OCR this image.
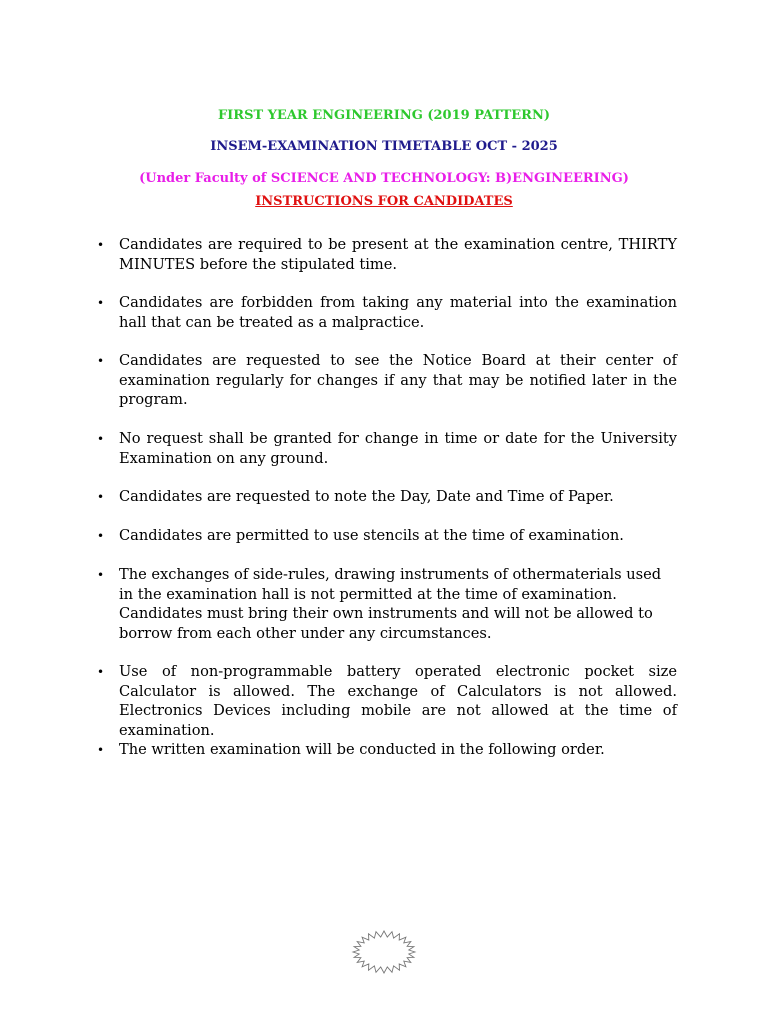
FIRST YEAR ENGINEERING (2019 PATTERN)
INSEM-EXAMINATION TIMETABLE OCT - 2025
(Under Faculty of SCIENCE AND TECHNOLOGY: B)ENGINEERING)
INSTRUCTIONS FOR CANDIDATES
• Candidates are required to be present at the examination centre, THIRTY MINUTES before the stipulated time.
• Candidates are forbidden from taking any material into the examination hall that can be treated as a malpractice.
• Candidates are requested to see the Notice Board at their center of examination regularly for changes if any that may be notified later in the program.
• No request shall be granted for change in time or date for the University Examination on any ground.
• Candidates are requested to note the Day, Date and Time of Paper.
• Candidates are permitted to use stencils at the time of examination.
• The exchanges of side-rules, drawing instruments of othermaterials used in the examination hall is not permitted at the time of examination. Candidates must bring their own instruments and will not be allowed to borrow from each other under any circumstances.
• Use of non-programmable battery operated electronic pocket size Calculator is allowed. The exchange of Calculators is not allowed. Electronics Devices including mobile are not allowed at the time of examination.
• The written examination will be conducted in the following order.
